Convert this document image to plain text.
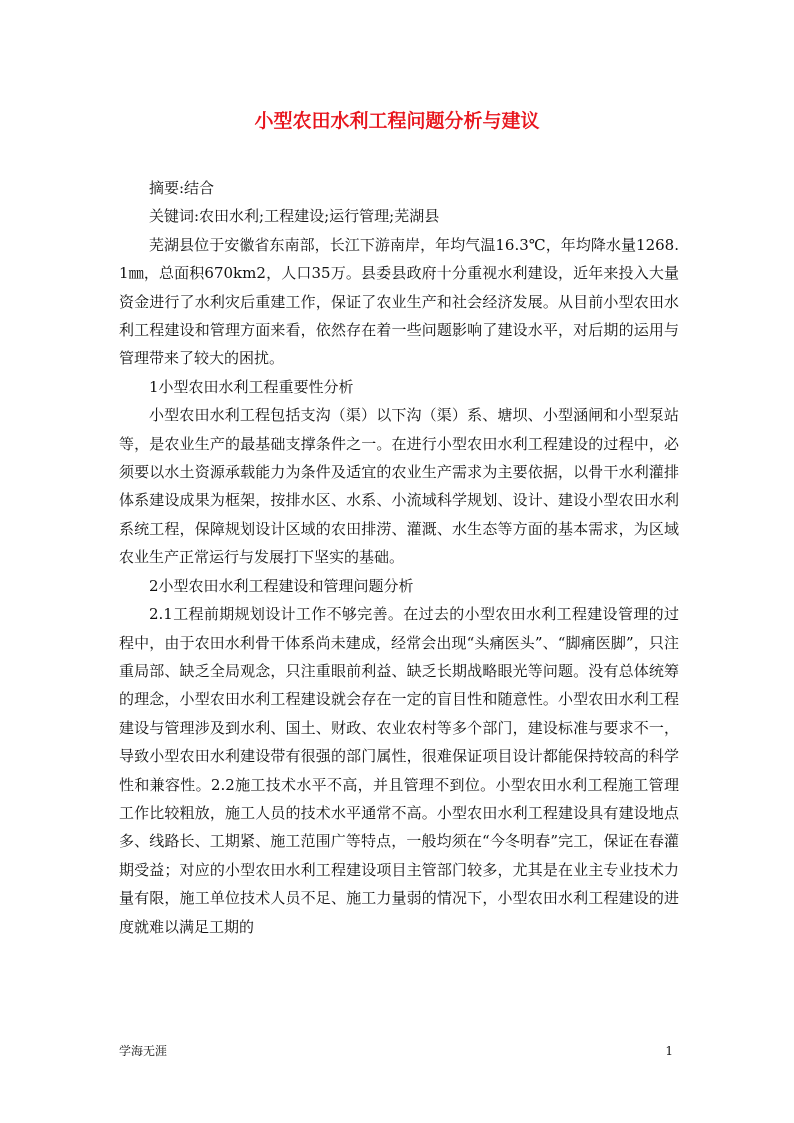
小型农田水利工程问题分析与建议

摘要:结合

关键词:农田水利;工程建设;运行管理;芜湖县

芜湖县位于安徽省东南部，长江下游南岸，年均气温16.3℃，年均降水量1268.1㎜，总面积670km2，人口35万。县委县政府十分重视水利建设，近年来投入大量资金进行了水利灾后重建工作，保证了农业生产和社会经济发展。从目前小型农田水利工程建设和管理方面来看，依然存在着一些问题影响了建设水平，对后期的运用与管理带来了较大的困扰。

1小型农田水利工程重要性分析

小型农田水利工程包括支沟（渠）以下沟（渠）系、塘坝、小型涵闸和小型泵站等，是农业生产的最基础支撑条件之一。在进行小型农田水利工程建设的过程中，必须要以水土资源承载能力为条件及适宜的农业生产需求为主要依据，以骨干水利灌排体系建设成果为框架，按排水区、水系、小流域科学规划、设计、建设小型农田水利系统工程，保障规划设计区域的农田排涝、灌溉、水生态等方面的基本需求，为区域农业生产正常运行与发展打下坚实的基础。

2小型农田水利工程建设和管理问题分析

2.1工程前期规划设计工作不够完善。在过去的小型农田水利工程建设管理的过程中，由于农田水利骨干体系尚未建成，经常会出现“头痛医头”、“脚痛医脚”，只注重局部、缺乏全局观念，只注重眼前利益、缺乏长期战略眼光等问题。没有总体统筹的理念，小型农田水利工程建设就会存在一定的盲目性和随意性。小型农田水利工程建设与管理涉及到水利、国土、财政、农业农村等多个部门，建设标准与要求不一，导致小型农田水利建设带有很强的部门属性，很难保证项目设计都能保持较高的科学性和兼容性。2.2施工技术水平不高，并且管理不到位。小型农田水利工程施工管理工作比较粗放，施工人员的技术水平通常不高。小型农田水利工程建设具有建设地点多、线路长、工期紧、施工范围广等特点，一般均须在“今冬明春”完工，保证在春灌期受益；对应的小型农田水利工程建设项目主管部门较多，尤其是在业主专业技术力量有限，施工单位技术人员不足、施工力量弱的情况下，小型农田水利工程建设的进度就难以满足工期的

学海无涯	1
